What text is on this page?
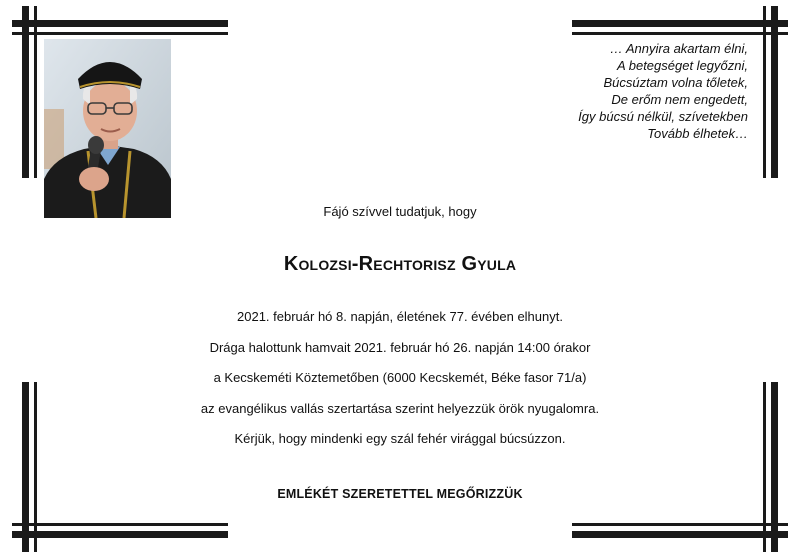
… Annyira akartam élni,
A betegséget legyőzni,
Búcsúztam volna tőletek,
De erőm nem engedett,
Így búcsú nélkül, szívetekben
Tovább élhetek…
Fájó szívvel tudatjuk, hogy
Kolozsi-Rechtorisz Gyula
2021. február hó 8. napján, életének 77. évében elhunyt.
Drága halottunk hamvait 2021. február hó 26. napján 14:00 órakor
a Kecskeméti Köztemetőben (6000 Kecskemét, Béke fasor 71/a)
az evangélikus vallás szertartása szerint helyezzük örök nyugalomra.
Kérjük, hogy mindenki egy szál fehér virággal búcsúzzon.
EMLÉKÉT SZERETETTEL MEGŐRIZZÜK
